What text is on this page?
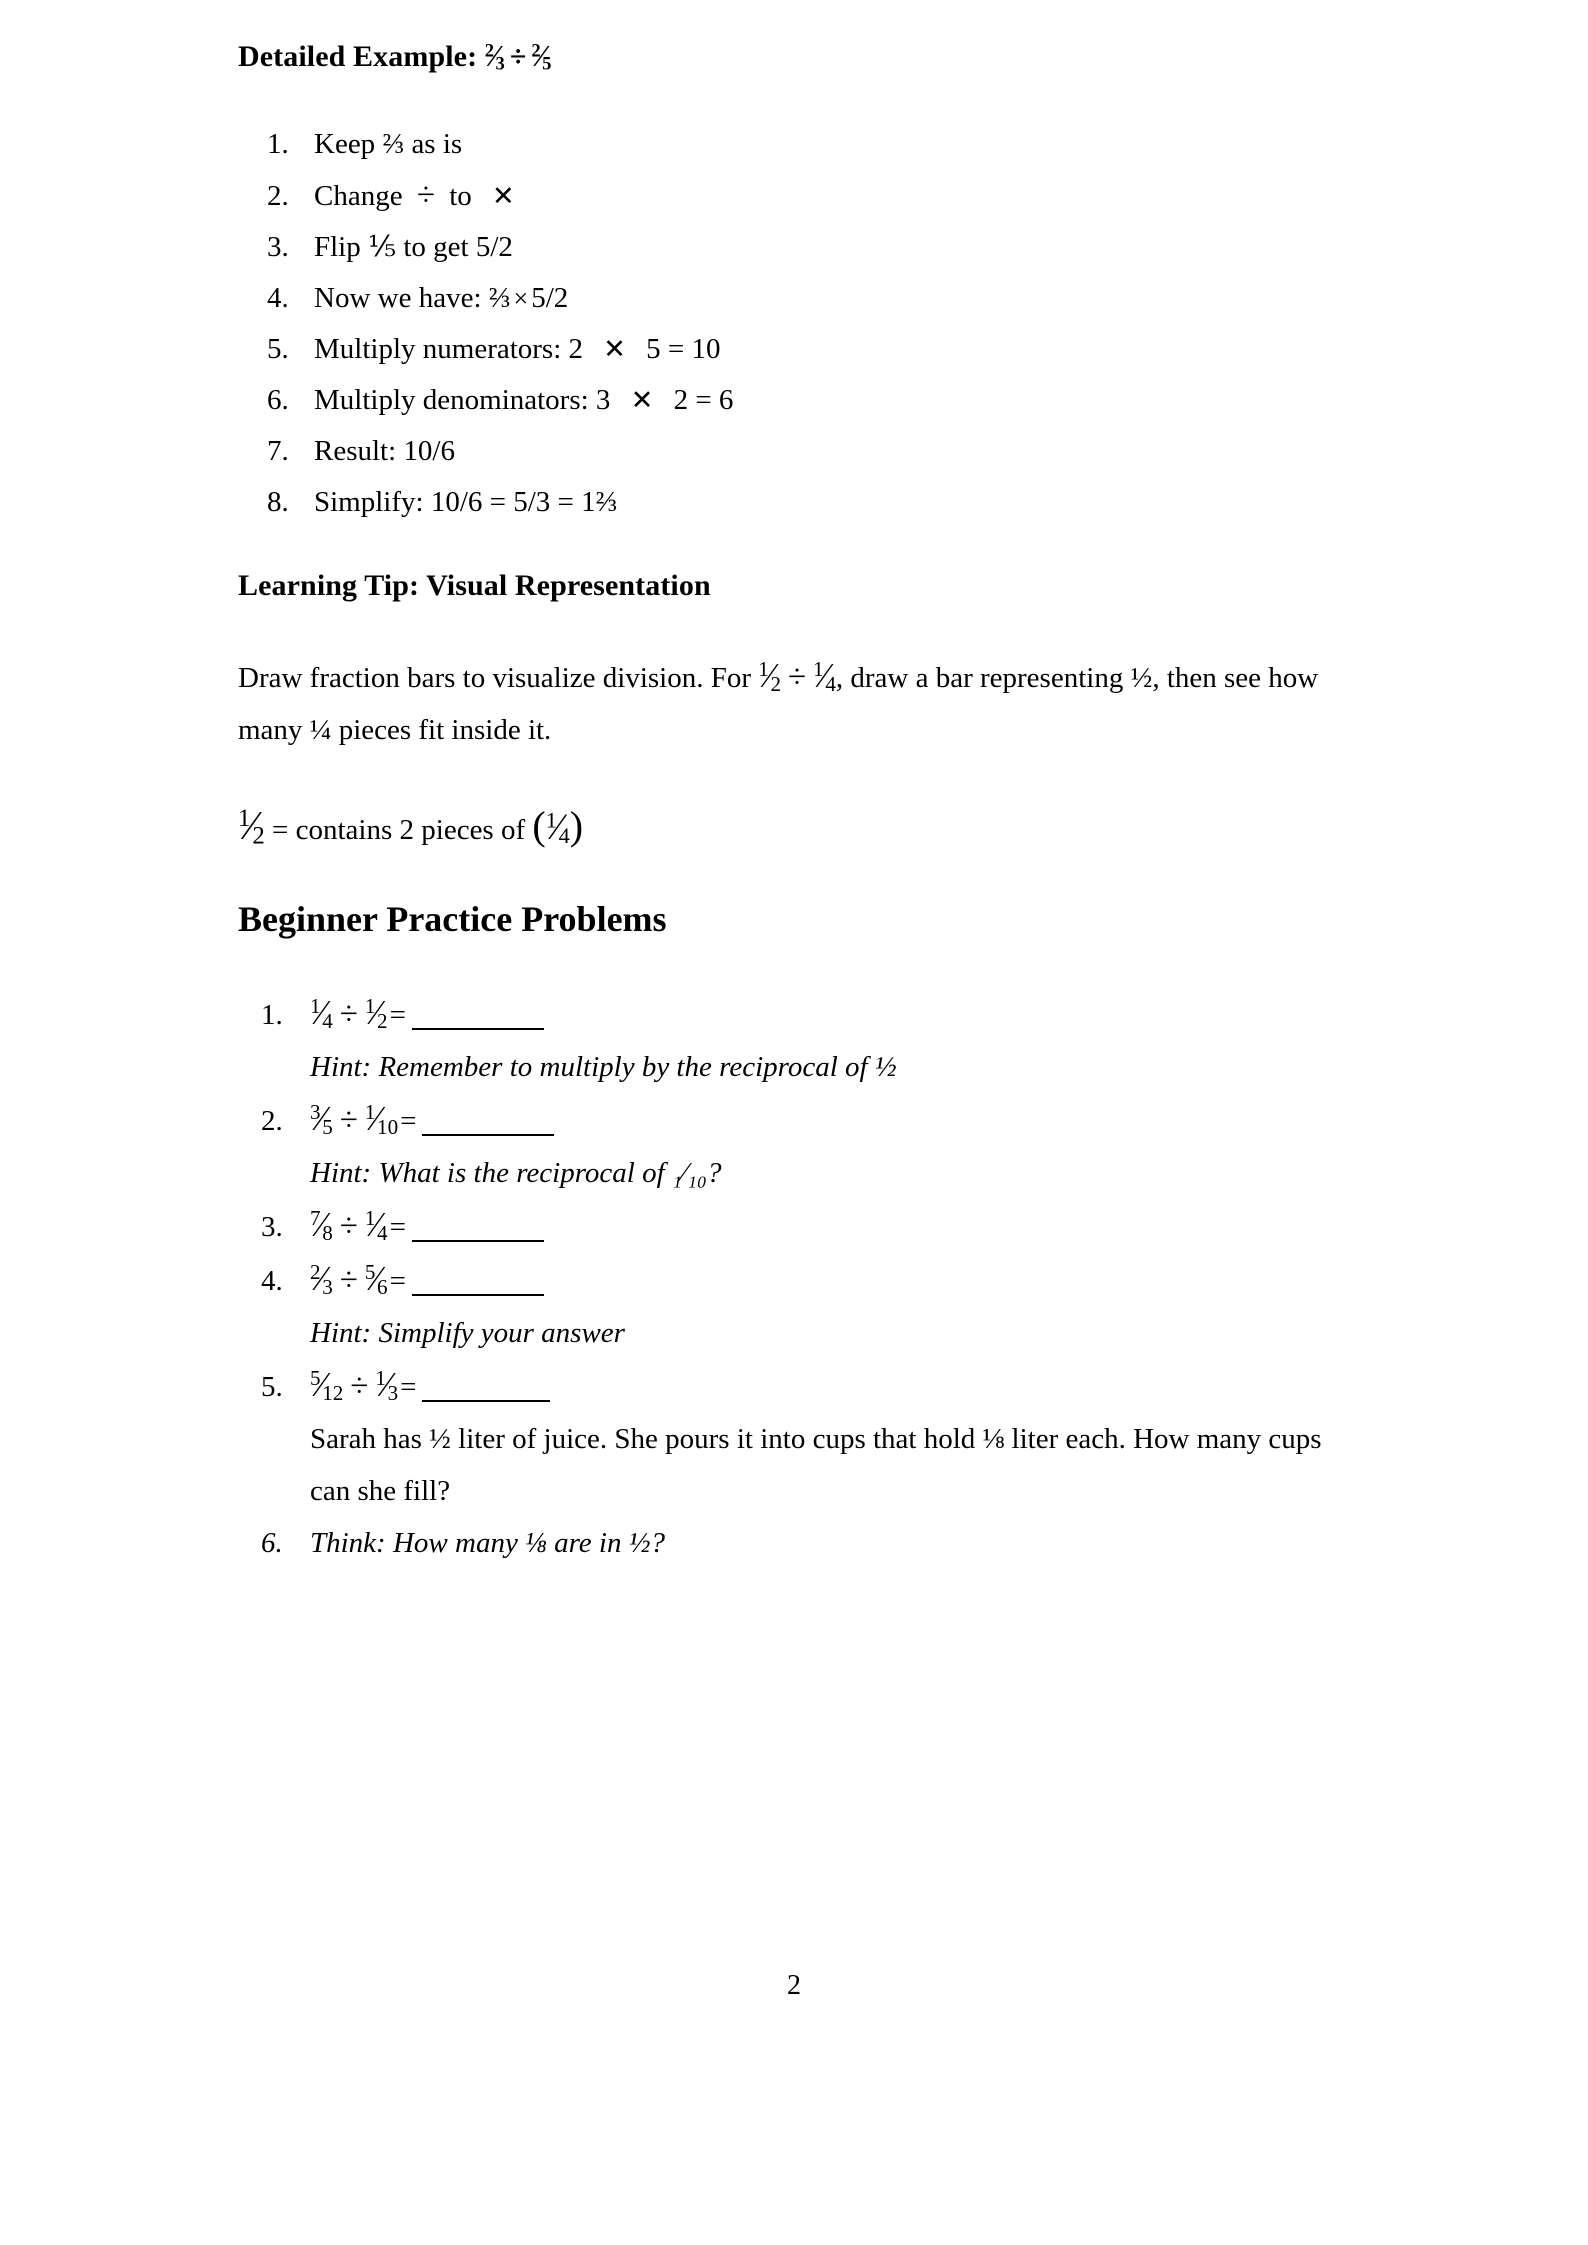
Detailed Example: $^2$⁄3 ÷ $^2$⁄5
1. Keep ⅔ as is
2. Change ÷ to ✕
3. Flip ⅕ to get 5/2
4. Now we have: ⅔ × 5/2
5. Multiply numerators: 2 ✕ 5 = 10
6. Multiply denominators: 3 ✕ 2 = 6
7. Result: 10/6
8. Simplify: 10/6 = 5/3 = 1⅔
Learning Tip: Visual Representation

Draw fraction bars to visualize division. For $^1$⁄2 ÷ $^1$⁄4, draw a bar representing ½, then see how many ¼ pieces fit inside it.

$^1$⁄2 = contains 2 pieces of ($^1$⁄4)

Beginner Practice Problems
1. $^1$⁄4 ÷ $^1$⁄2=
Hint: Remember to multiply by the reciprocal of ½
2. $^3$⁄5 ÷ $^1$⁄10=
Hint: What is the reciprocal of ₁⁄₁₀?
3. $^7$⁄8 ÷ $^1$⁄4=
4. $^2$⁄3 ÷ $^5$⁄6=
Hint: Simplify your answer
5. $^5$⁄12 ÷ $^1$⁄3=
Sarah has ½ liter of juice. She pours it into cups that hold ⅛ liter each. How many cups can she fill?
6. Think: How many ⅛ are in ½?
2
